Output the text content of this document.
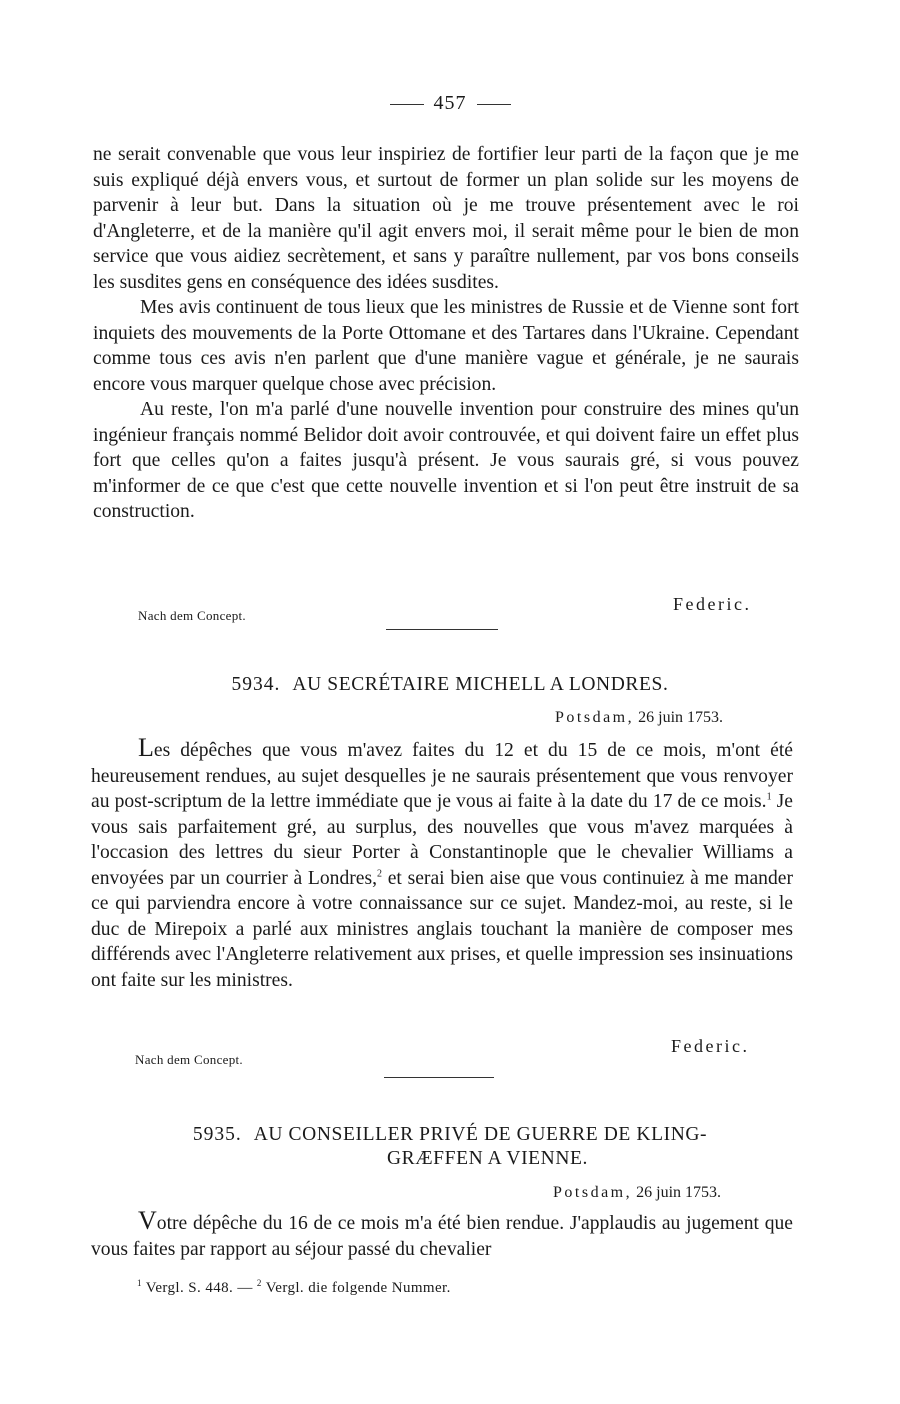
457

ne serait convenable que vous leur inspiriez de fortifier leur parti de la façon que je me suis expliqué déjà envers vous, et surtout de former un plan solide sur les moyens de parvenir à leur but. Dans la situation où je me trouve présentement avec le roi d'Angleterre, et de la manière qu'il agit envers moi, il serait même pour le bien de mon service que vous aidiez secrètement, et sans y paraître nullement, par vos bons conseils les susdites gens en conséquence des idées susdites.

Mes avis continuent de tous lieux que les ministres de Russie et de Vienne sont fort inquiets des mouvements de la Porte Ottomane et des Tartares dans l'Ukraine. Cependant comme tous ces avis n'en parlent que d'une manière vague et générale, je ne saurais encore vous marquer quelque chose avec précision.

Au reste, l'on m'a parlé d'une nouvelle invention pour construire des mines qu'un ingénieur français nommé Belidor doit avoir controuvée, et qui doivent faire un effet plus fort que celles qu'on a faites jusqu'à présent. Je vous saurais gré, si vous pouvez m'informer de ce que c'est que cette nouvelle invention et si l'on peut être instruit de sa construction.

Federic.
Nach dem Concept.
5934. AU SECRÉTAIRE MICHELL A LONDRES.
Potsdam, 26 juin 1753.

Les dépêches que vous m'avez faites du 12 et du 15 de ce mois, m'ont été heureusement rendues, au sujet desquelles je ne saurais présentement que vous renvoyer au post-scriptum de la lettre immédiate que je vous ai faite à la date du 17 de ce mois.$^1$ Je vous sais parfaitement gré, au surplus, des nouvelles que vous m'avez marquées à l'occasion des lettres du sieur Porter à Constantinople que le chevalier Williams a envoyées par un courrier à Londres,$^2$ et serai bien aise que vous continuiez à me mander ce qui parviendra encore à votre connaissance sur ce sujet. Mandez-moi, au reste, si le duc de Mirepoix a parlé aux ministres anglais touchant la manière de composer mes différends avec l'Angleterre relativement aux prises, et quelle impression ses insinuations ont faite sur les ministres.

Federic.
Nach dem Concept.
5935. AU CONSEILLER PRIVÉ DE GUERRE DE KLING-
GRÆFFEN A VIENNE.
Potsdam, 26 juin 1753.

Votre dépêche du 16 de ce mois m'a été bien rendue. J'applaudis au jugement que vous faites par rapport au séjour passé du chevalier

$^1$ Vergl. S. 448. — $^2$ Vergl. die folgende Nummer.
